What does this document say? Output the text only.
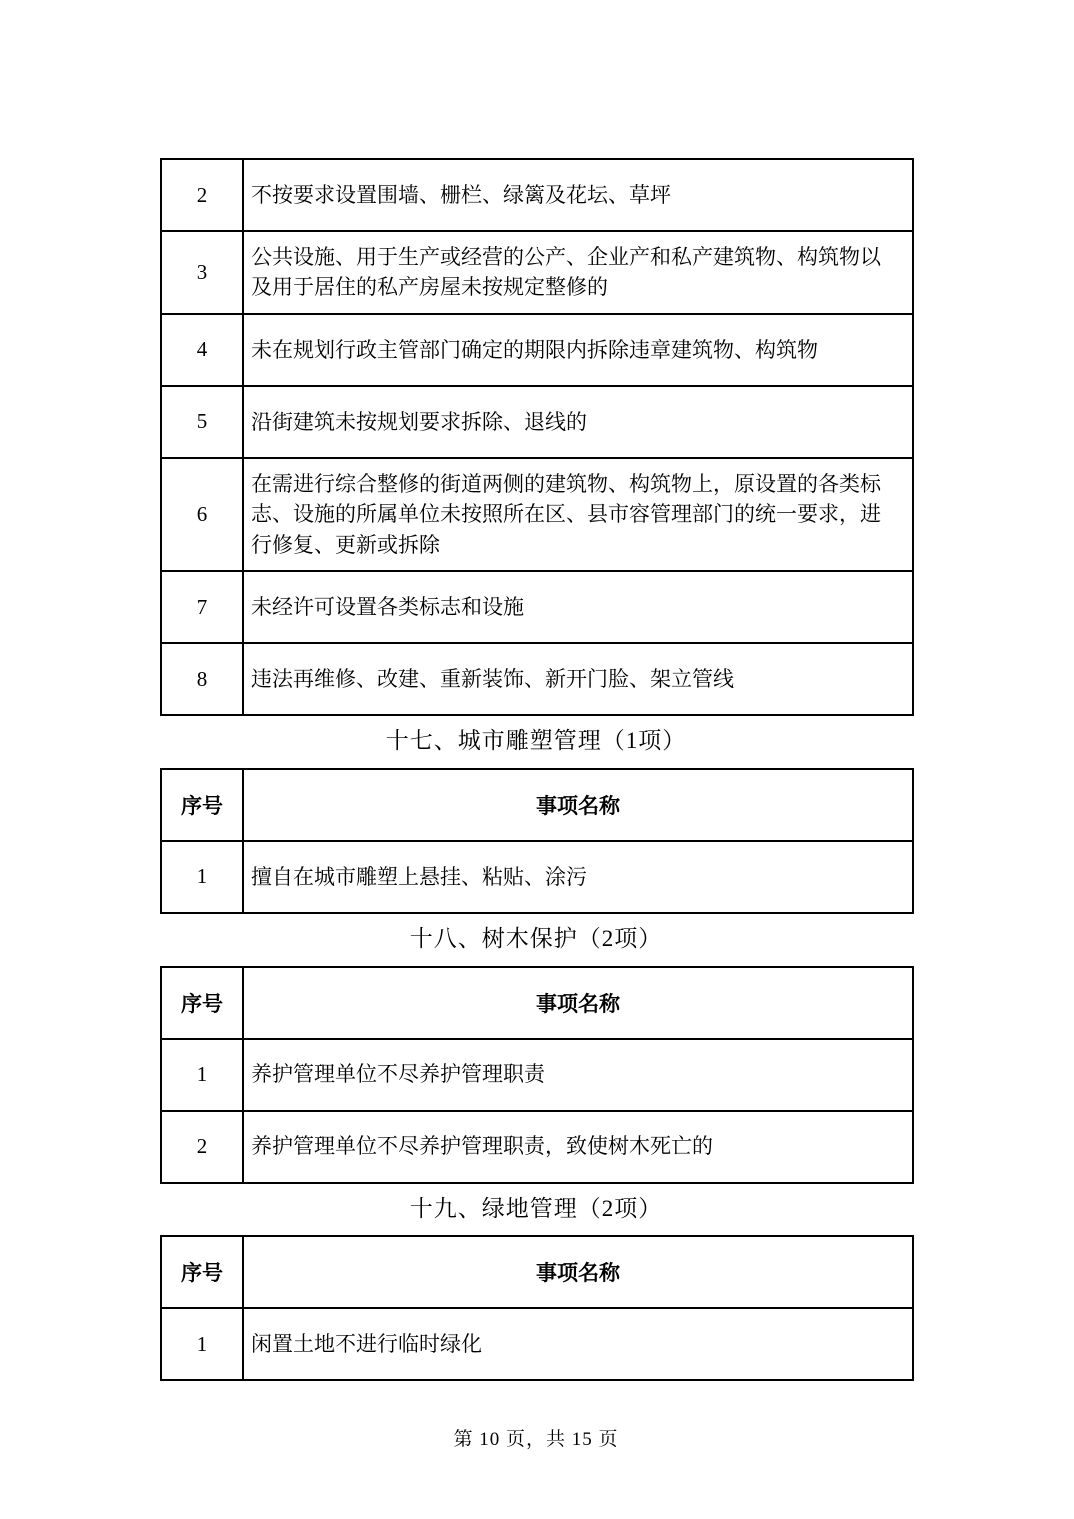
2	不按要求设置围墙、栅栏、绿篱及花坛、草坪
3	公共设施、用于生产或经营的公产、企业产和私产建筑物、构筑物以及用于居住的私产房屋未按规定整修的
4	未在规划行政主管部门确定的期限内拆除违章建筑物、构筑物
5	沿街建筑未按规划要求拆除、退线的
6	在需进行综合整修的街道两侧的建筑物、构筑物上，原设置的各类标志、设施的所属单位未按照所在区、县市容管理部门的统一要求，进行修复、更新或拆除
7	未经许可设置各类标志和设施
8	违法再维修、改建、重新装饰、新开门脸、架立管线
十七、城市雕塑管理（1项）
序号	事项名称
1	擅自在城市雕塑上悬挂、粘贴、涂污
十八、树木保护（2项）
序号	事项名称
1	养护管理单位不尽养护管理职责
2	养护管理单位不尽养护管理职责，致使树木死亡的
十九、绿地管理（2项）
序号	事项名称
1	闲置土地不进行临时绿化
第 10 页，共 15 页
